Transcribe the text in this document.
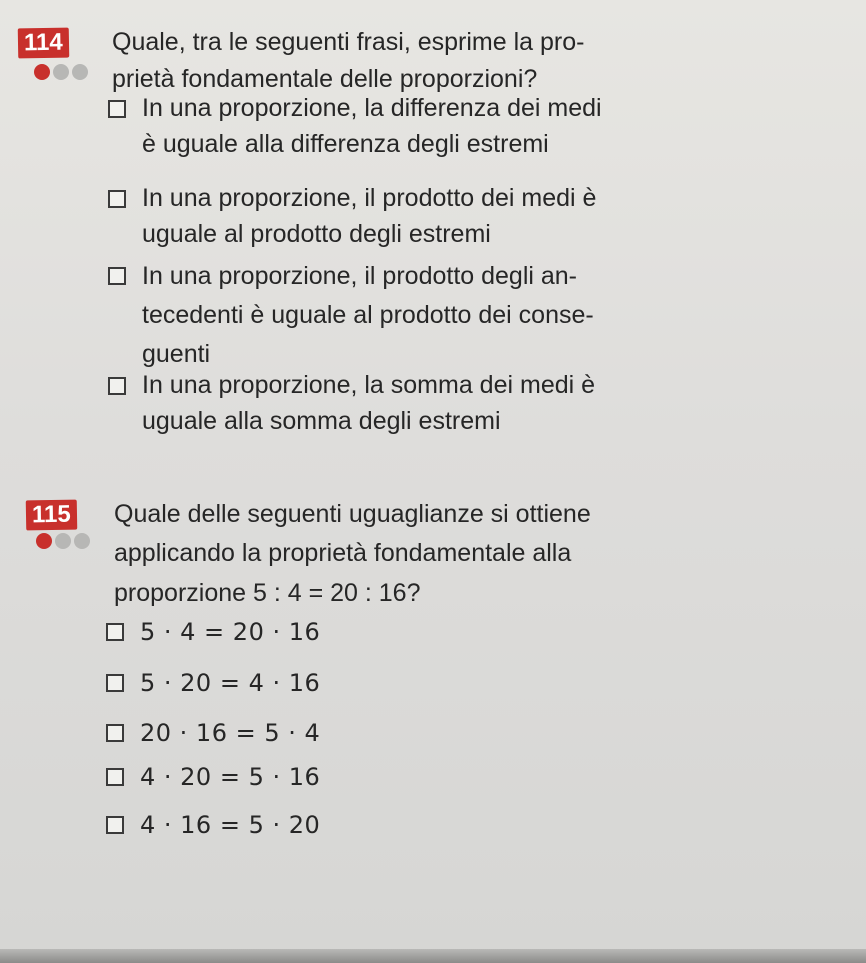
114 Quale, tra le seguenti frasi, esprime la pro-
prietà fondamentale delle proporzioni?
In una proporzione, la differenza dei medi
è uguale alla differenza degli estremi
In una proporzione, il prodotto dei medi è
uguale al prodotto degli estremi
In una proporzione, il prodotto degli an-
tecedenti è uguale al prodotto dei conse-
guenti
In una proporzione, la somma dei medi è
uguale alla somma degli estremi
115 Quale delle seguenti uguaglianze si ottiene
applicando la proprietà fondamentale alla
proporzione 5 : 4 = 20 : 16?
5 · 4 = 20 · 16
5 · 20 = 4 · 16
20 · 16 = 5 · 4
4 · 20 = 5 · 16
4 · 16 = 5 · 20
